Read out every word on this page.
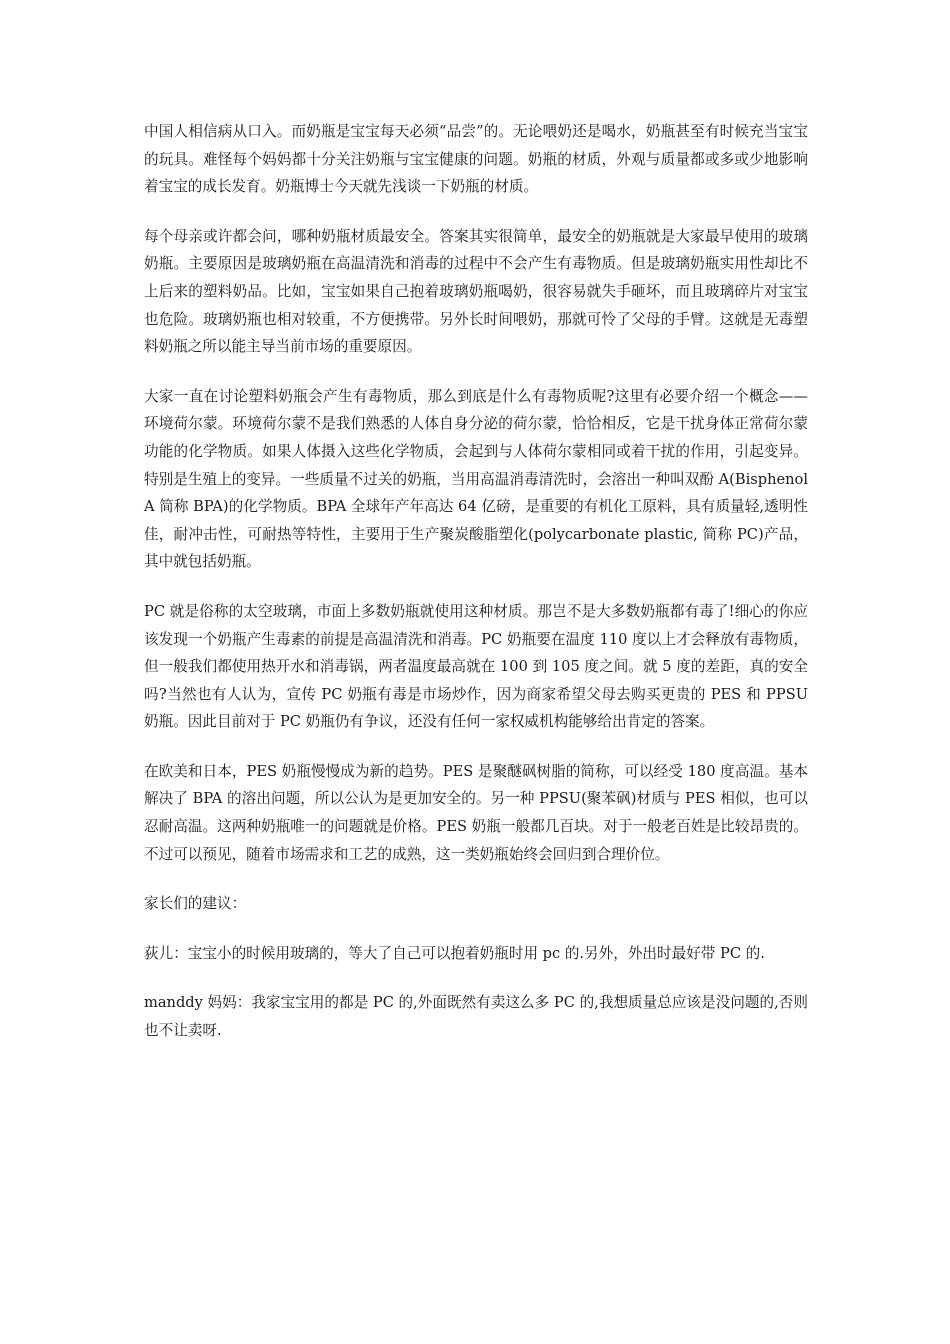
中国人相信病从口入。而奶瓶是宝宝每天必须“品尝”的。无论喂奶还是喝水，奶瓶甚至有时候充当宝宝的玩具。难怪每个妈妈都十分关注奶瓶与宝宝健康的问题。奶瓶的材质，外观与质量都或多或少地影响着宝宝的成长发育。奶瓶博士今天就先浅谈一下奶瓶的材质。

每个母亲或许都会问，哪种奶瓶材质最安全。答案其实很简单，最安全的奶瓶就是大家最早使用的玻璃奶瓶。主要原因是玻璃奶瓶在高温清洗和消毒的过程中不会产生有毒物质。但是玻璃奶瓶实用性却比不上后来的塑料奶品。比如，宝宝如果自己抱着玻璃奶瓶喝奶，很容易就失手砸坏，而且玻璃碎片对宝宝也危险。玻璃奶瓶也相对较重，不方便携带。另外长时间喂奶，那就可怜了父母的手臂。这就是无毒塑料奶瓶之所以能主导当前市场的重要原因。

大家一直在讨论塑料奶瓶会产生有毒物质，那么到底是什么有毒物质呢?这里有必要介绍一个概念——环境荷尔蒙。环境荷尔蒙不是我们熟悉的人体自身分泌的荷尔蒙，恰恰相反，它是干扰身体正常荷尔蒙功能的化学物质。如果人体摄入这些化学物质，会起到与人体荷尔蒙相同或着干扰的作用，引起变异。特别是生殖上的变异。一些质量不过关的奶瓶，当用高温消毒清洗时，会溶出一种叫双酚 A(Bisphenol A 简称 BPA)的化学物质。BPA 全球年产年高达 64 亿磅，是重要的有机化工原料，具有质量轻,透明性佳，耐冲击性，可耐热等特性，主要用于生产聚炭酸脂塑化(polycarbonate plastic, 简称 PC)产品，其中就包括奶瓶。

PC 就是俗称的太空玻璃，市面上多数奶瓶就使用这种材质。那岂不是大多数奶瓶都有毒了!细心的你应该发现一个奶瓶产生毒素的前提是高温清洗和消毒。PC 奶瓶要在温度 110 度以上才会释放有毒物质，但一般我们都使用热开水和消毒锅，两者温度最高就在 100 到 105 度之间。就 5 度的差距，真的安全吗?当然也有人认为，宣传 PC 奶瓶有毒是市场炒作，因为商家希望父母去购买更贵的 PES 和 PPSU 奶瓶。因此目前对于 PC 奶瓶仍有争议，还没有任何一家权威机构能够给出肯定的答案。

在欧美和日本，PES 奶瓶慢慢成为新的趋势。PES 是聚醚砜树脂的简称，可以经受 180 度高温。基本解决了 BPA 的溶出问题，所以公认为是更加安全的。另一种 PPSU(聚苯砜)材质与 PES 相似，也可以忍耐高温。这两种奶瓶唯一的问题就是价格。PES 奶瓶一般都几百块。对于一般老百姓是比较昂贵的。不过可以预见，随着市场需求和工艺的成熟，这一类奶瓶始终会回归到合理价位。

家长们的建议：

荻儿：宝宝小的时候用玻璃的，等大了自己可以抱着奶瓶时用 pc 的.另外，外出时最好带 PC 的.

manddy 妈妈：我家宝宝用的都是 PC 的,外面既然有卖这么多 PC 的,我想质量总应该是没问题的,否则也不让卖呀.
